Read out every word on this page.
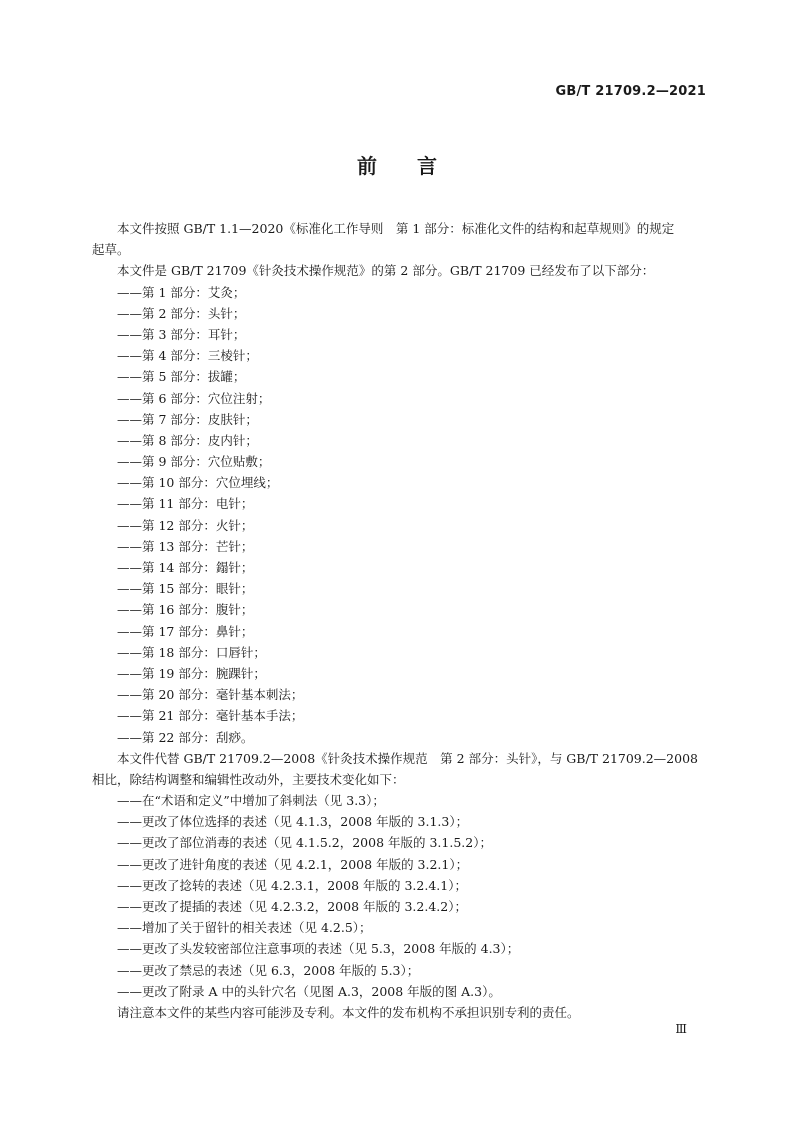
GB/T 21709.2—2021
前　　言
本文件按照 GB/T 1.1—2020《标准化工作导则　第 1 部分：标准化文件的结构和起草规则》的规定
起草。
本文件是 GB/T 21709《针灸技术操作规范》的第 2 部分。GB/T 21709 已经发布了以下部分：
——第 1 部分：艾灸；
——第 2 部分：头针；
——第 3 部分：耳针；
——第 4 部分：三棱针；
——第 5 部分：拔罐；
——第 6 部分：穴位注射；
——第 7 部分：皮肤针；
——第 8 部分：皮内针；
——第 9 部分：穴位贴敷；
——第 10 部分：穴位埋线；
——第 11 部分：电针；
——第 12 部分：火针；
——第 13 部分：芒针；
——第 14 部分：鎉针；
——第 15 部分：眼针；
——第 16 部分：腹针；
——第 17 部分：鼻针；
——第 18 部分：口唇针；
——第 19 部分：腕踝针；
——第 20 部分：毫针基本刺法；
——第 21 部分：毫针基本手法；
——第 22 部分：刮痧。
本文件代替 GB/T 21709.2—2008《针灸技术操作规范　第 2 部分：头针》，与 GB/T 21709.2—2008
相比，除结构调整和编辑性改动外，主要技术变化如下：
——在“术语和定义”中增加了斜刺法（见 3.3）；
——更改了体位选择的表述（见 4.1.3，2008 年版的 3.1.3）；
——更改了部位消毒的表述（见 4.1.5.2，2008 年版的 3.1.5.2）；
——更改了进针角度的表述（见 4.2.1，2008 年版的 3.2.1）；
——更改了捻转的表述（见 4.2.3.1，2008 年版的 3.2.4.1）；
——更改了提插的表述（见 4.2.3.2，2008 年版的 3.2.4.2）；
——增加了关于留针的相关表述（见 4.2.5）；
——更改了头发较密部位注意事项的表述（见 5.3，2008 年版的 4.3）；
——更改了禁忌的表述（见 6.3，2008 年版的 5.3）；
——更改了附录 A 中的头针穴名（见图 A.3，2008 年版的图 A.3）。
请注意本文件的某些内容可能涉及专利。本文件的发布机构不承担识别专利的责任。
Ⅲ
